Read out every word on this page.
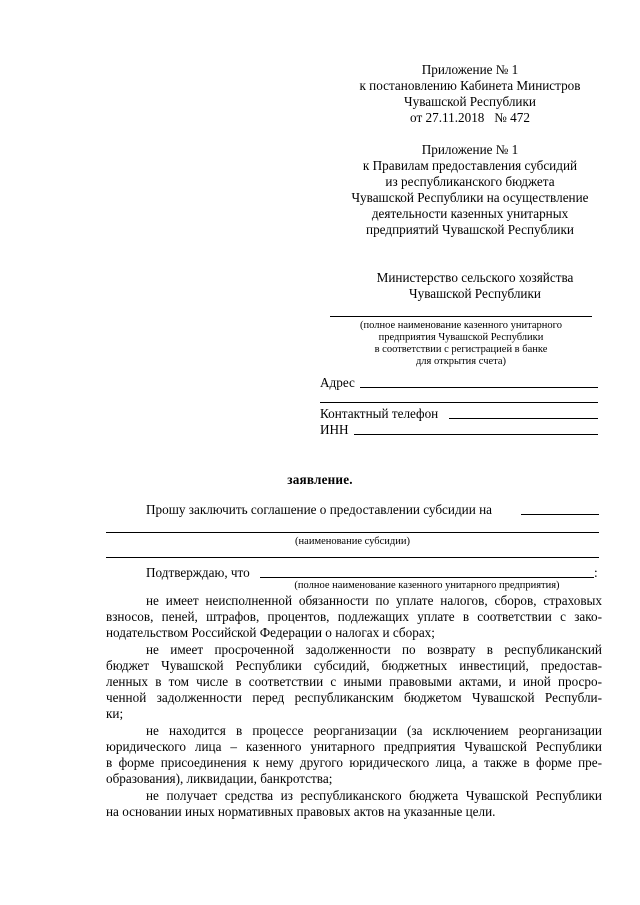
Приложение № 1
к постановлению Кабинета Министров
Чувашской Республики
от 27.11.2018   № 472
Приложение № 1
к Правилам предоставления субсидий
из республиканского бюджета
Чувашской Республики на осуществление
деятельности казенных унитарных
предприятий Чувашской Республики
Министерство сельского хозяйства
Чувашской Республики
(полное наименование казенного унитарного
предприятия Чувашской Республики
в соответствии с регистрацией в банке
для открытия счета)
Адрес
Контактный телефон
ИНН
заявление.
Прошу заключить соглашение о предоставлении субсидии на
(наименование субсидии)
Подтверждаю, что	:
(полное наименование казенного унитарного предприятия)
не имеет неисполненной обязанности по уплате налогов, сборов, страховых
взносов, пеней, штрафов, процентов, подлежащих уплате в соответствии с зако-
нодательством Российской Федерации о налогах и сборах;
не имеет просроченной задолженности по возврату в республиканский
бюджет Чувашской Республики субсидий, бюджетных инвестиций, предостав-
ленных в том числе в соответствии с иными правовыми актами, и иной просро-
ченной задолженности перед республиканским бюджетом Чувашской Республи-
ки;
не находится в процессе реорганизации (за исключением реорганизации
юридического лица – казенного унитарного предприятия Чувашской Республики
в форме присоединения к нему другого юридического лица, а также в форме пре-
образования), ликвидации, банкротства;
не получает средства из республиканского бюджета Чувашской Республики
на основании иных нормативных правовых актов на указанные цели.
